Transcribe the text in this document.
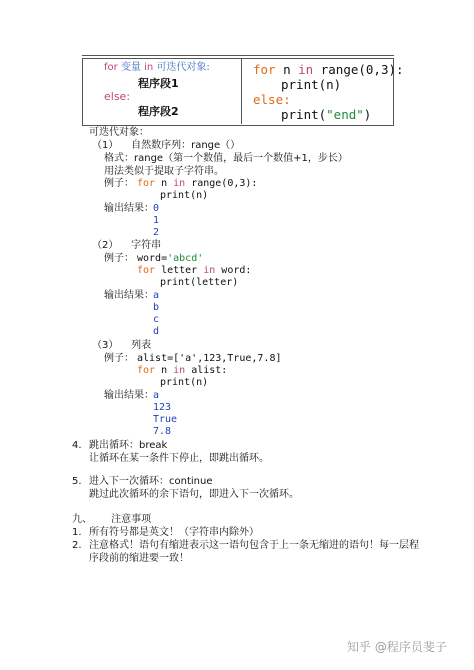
for 变量 in 可迭代对象:
程序段1
else:
程序段2
for n in range(0,3):
print(n)
else:
print("end")
可迭代对象：
（1）    自然数序列：range（）
格式：range（第一个数值，最后一个数值+1，步长）
用法类似于提取子字符串。
例子： for n in range(0,3):
print(n)
输出结果： 0
1
2
（2）    字符串
例子： word='abcd'
for letter in word:
print(letter)
输出结果： a
b
c
d
（3）    列表
例子： alist=['a',123,True,7.8]
for n in alist:
print(n)
输出结果： a
123
True
7.8
4. 跳出循环：break
让循环在某一条件下停止，即跳出循环。
5. 进入下一次循环：continue
跳过此次循环的余下语句，即进入下一次循环。
九、      注意事项
1. 所有符号都是英文！（字符串内除外）
2. 注意格式！语句有缩进表示这一语句包含于上一条无缩进的语句！每一层程
序段前的缩进要一致！
知乎 @程序员斐子
